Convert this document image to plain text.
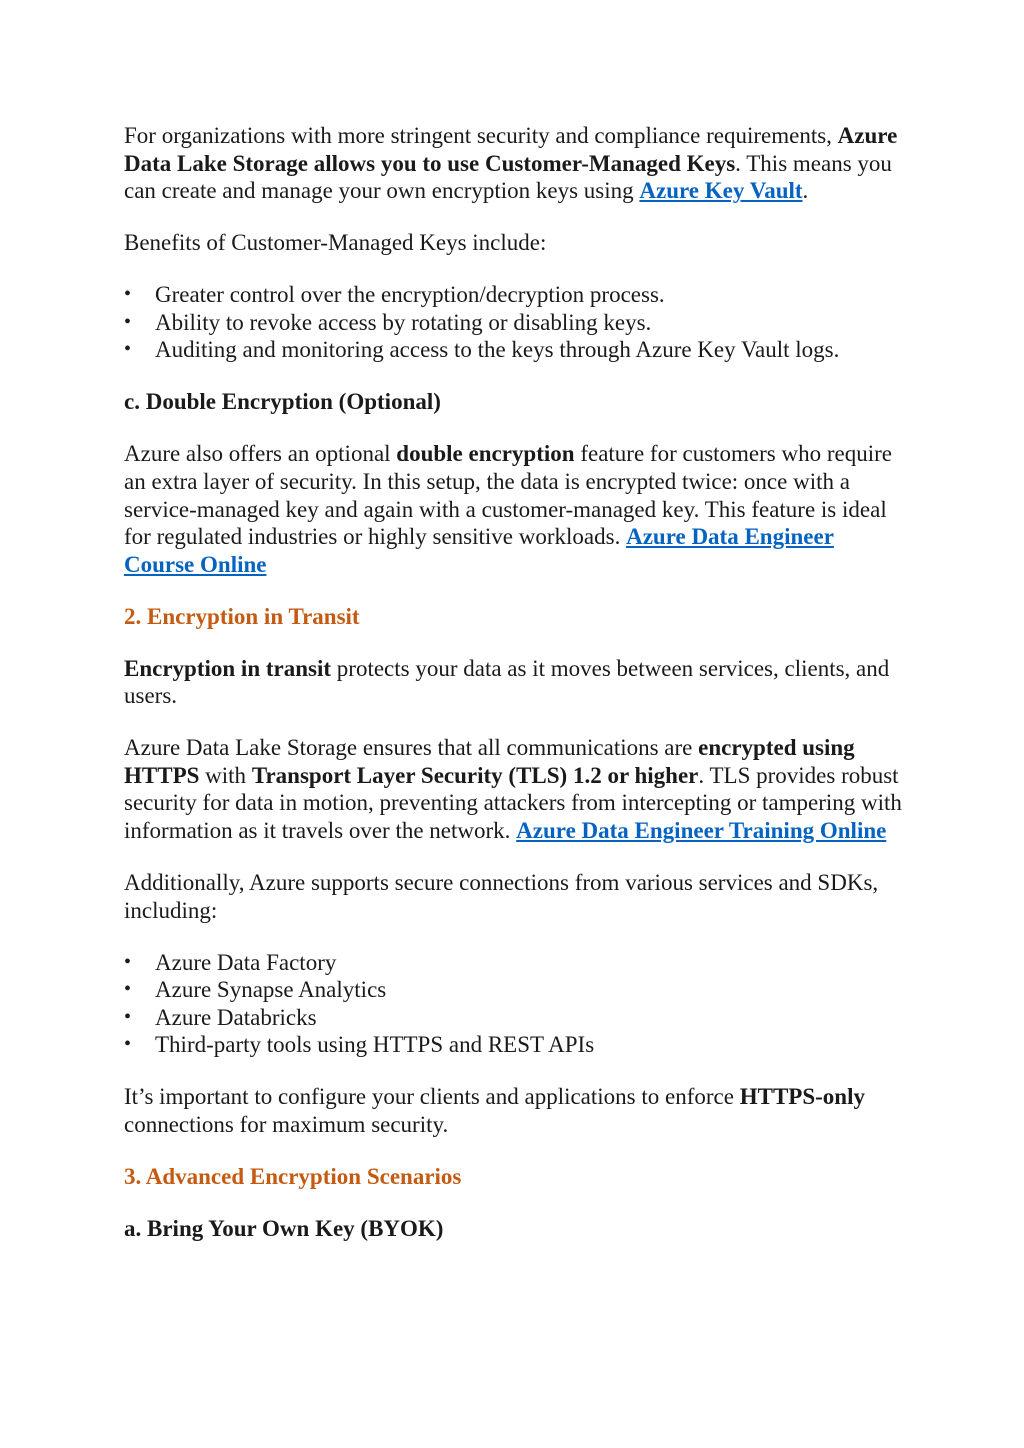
For organizations with more stringent security and compliance requirements, Azure Data Lake Storage allows you to use Customer-Managed Keys. This means you can create and manage your own encryption keys using Azure Key Vault.

Benefits of Customer-Managed Keys include:

• Greater control over the encryption/decryption process.
• Ability to revoke access by rotating or disabling keys.
• Auditing and monitoring access to the keys through Azure Key Vault logs.
c. Double Encryption (Optional)

Azure also offers an optional double encryption feature for customers who require an extra layer of security. In this setup, the data is encrypted twice: once with a service-managed key and again with a customer-managed key. This feature is ideal for regulated industries or highly sensitive workloads. Azure Data Engineer Course Online

2. Encryption in Transit

Encryption in transit protects your data as it moves between services, clients, and users.

Azure Data Lake Storage ensures that all communications are encrypted using HTTPS with Transport Layer Security (TLS) 1.2 or higher. TLS provides robust security for data in motion, preventing attackers from intercepting or tampering with information as it travels over the network. Azure Data Engineer Training Online

Additionally, Azure supports secure connections from various services and SDKs, including:

• Azure Data Factory
• Azure Synapse Analytics
• Azure Databricks
• Third-party tools using HTTPS and REST APIs

It’s important to configure your clients and applications to enforce HTTPS-only connections for maximum security.

3. Advanced Encryption Scenarios
a. Bring Your Own Key (BYOK)
